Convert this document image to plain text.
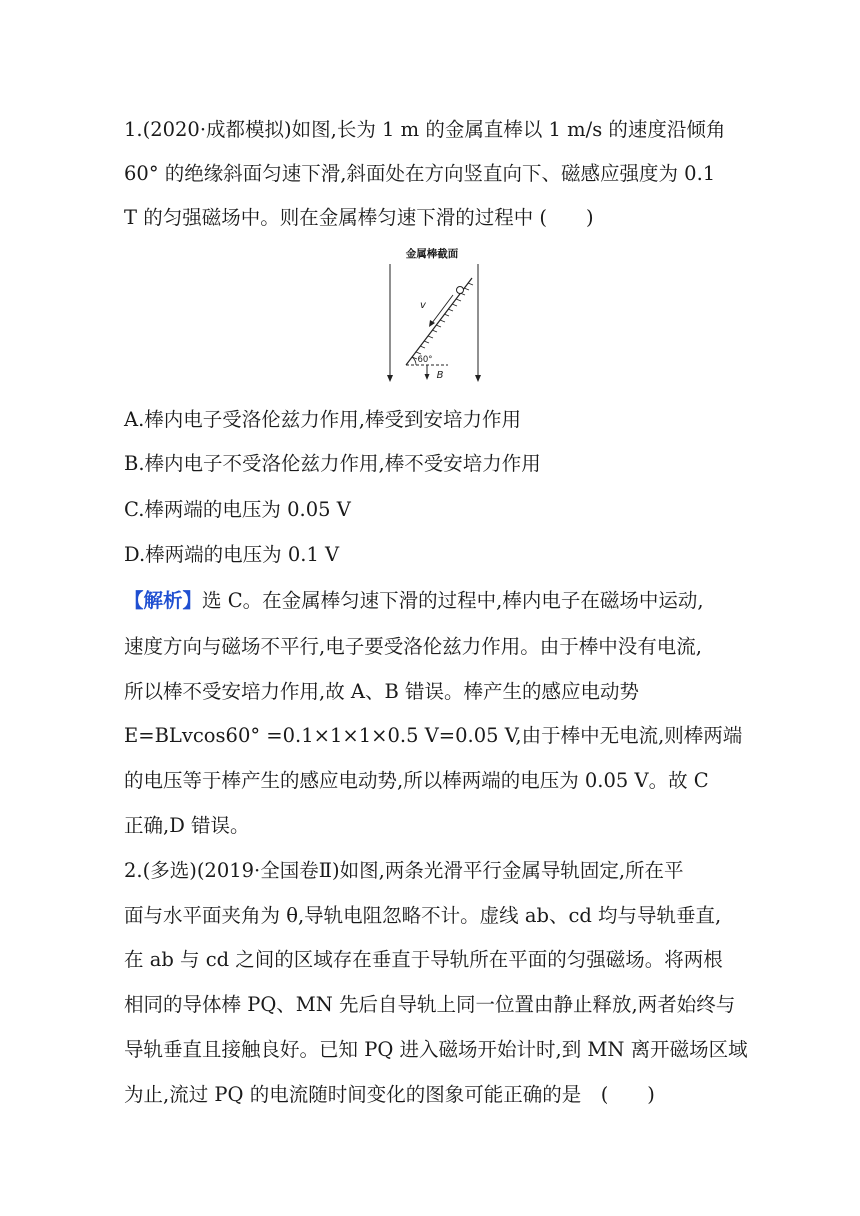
1.(2020·成都模拟)如图,长为 1 m 的金属直棒以 1 m/s 的速度沿倾角
60° 的绝缘斜面匀速下滑,斜面处在方向竖直向下、磁感应强度为 0.1
T 的匀强磁场中。则在金属棒匀速下滑的过程中 (　　)
金属棒截面
B
60°
v
A.棒内电子受洛伦兹力作用,棒受到安培力作用
B.棒内电子不受洛伦兹力作用,棒不受安培力作用
C.棒两端的电压为 0.05 V
D.棒两端的电压为 0.1 V
【解析】选 C。在金属棒匀速下滑的过程中,棒内电子在磁场中运动,
速度方向与磁场不平行,电子要受洛伦兹力作用。由于棒中没有电流,
所以棒不受安培力作用,故 A、B 错误。棒产生的感应电动势
E=BLvcos60° =0.1×1×1×0.5 V=0.05 V,由于棒中无电流,则棒两端
的电压等于棒产生的感应电动势,所以棒两端的电压为 0.05 V。故 C
正确,D 错误。
2.(多选)(2019·全国卷Ⅱ)如图,两条光滑平行金属导轨固定,所在平
面与水平面夹角为 θ,导轨电阻忽略不计。虚线 ab、cd 均与导轨垂直,
在 ab 与 cd 之间的区域存在垂直于导轨所在平面的匀强磁场。将两根
相同的导体棒 PQ、MN 先后自导轨上同一位置由静止释放,两者始终与
导轨垂直且接触良好。已知 PQ 进入磁场开始计时,到 MN 离开磁场区域
为止,流过 PQ 的电流随时间变化的图象可能正确的是　(　　)
